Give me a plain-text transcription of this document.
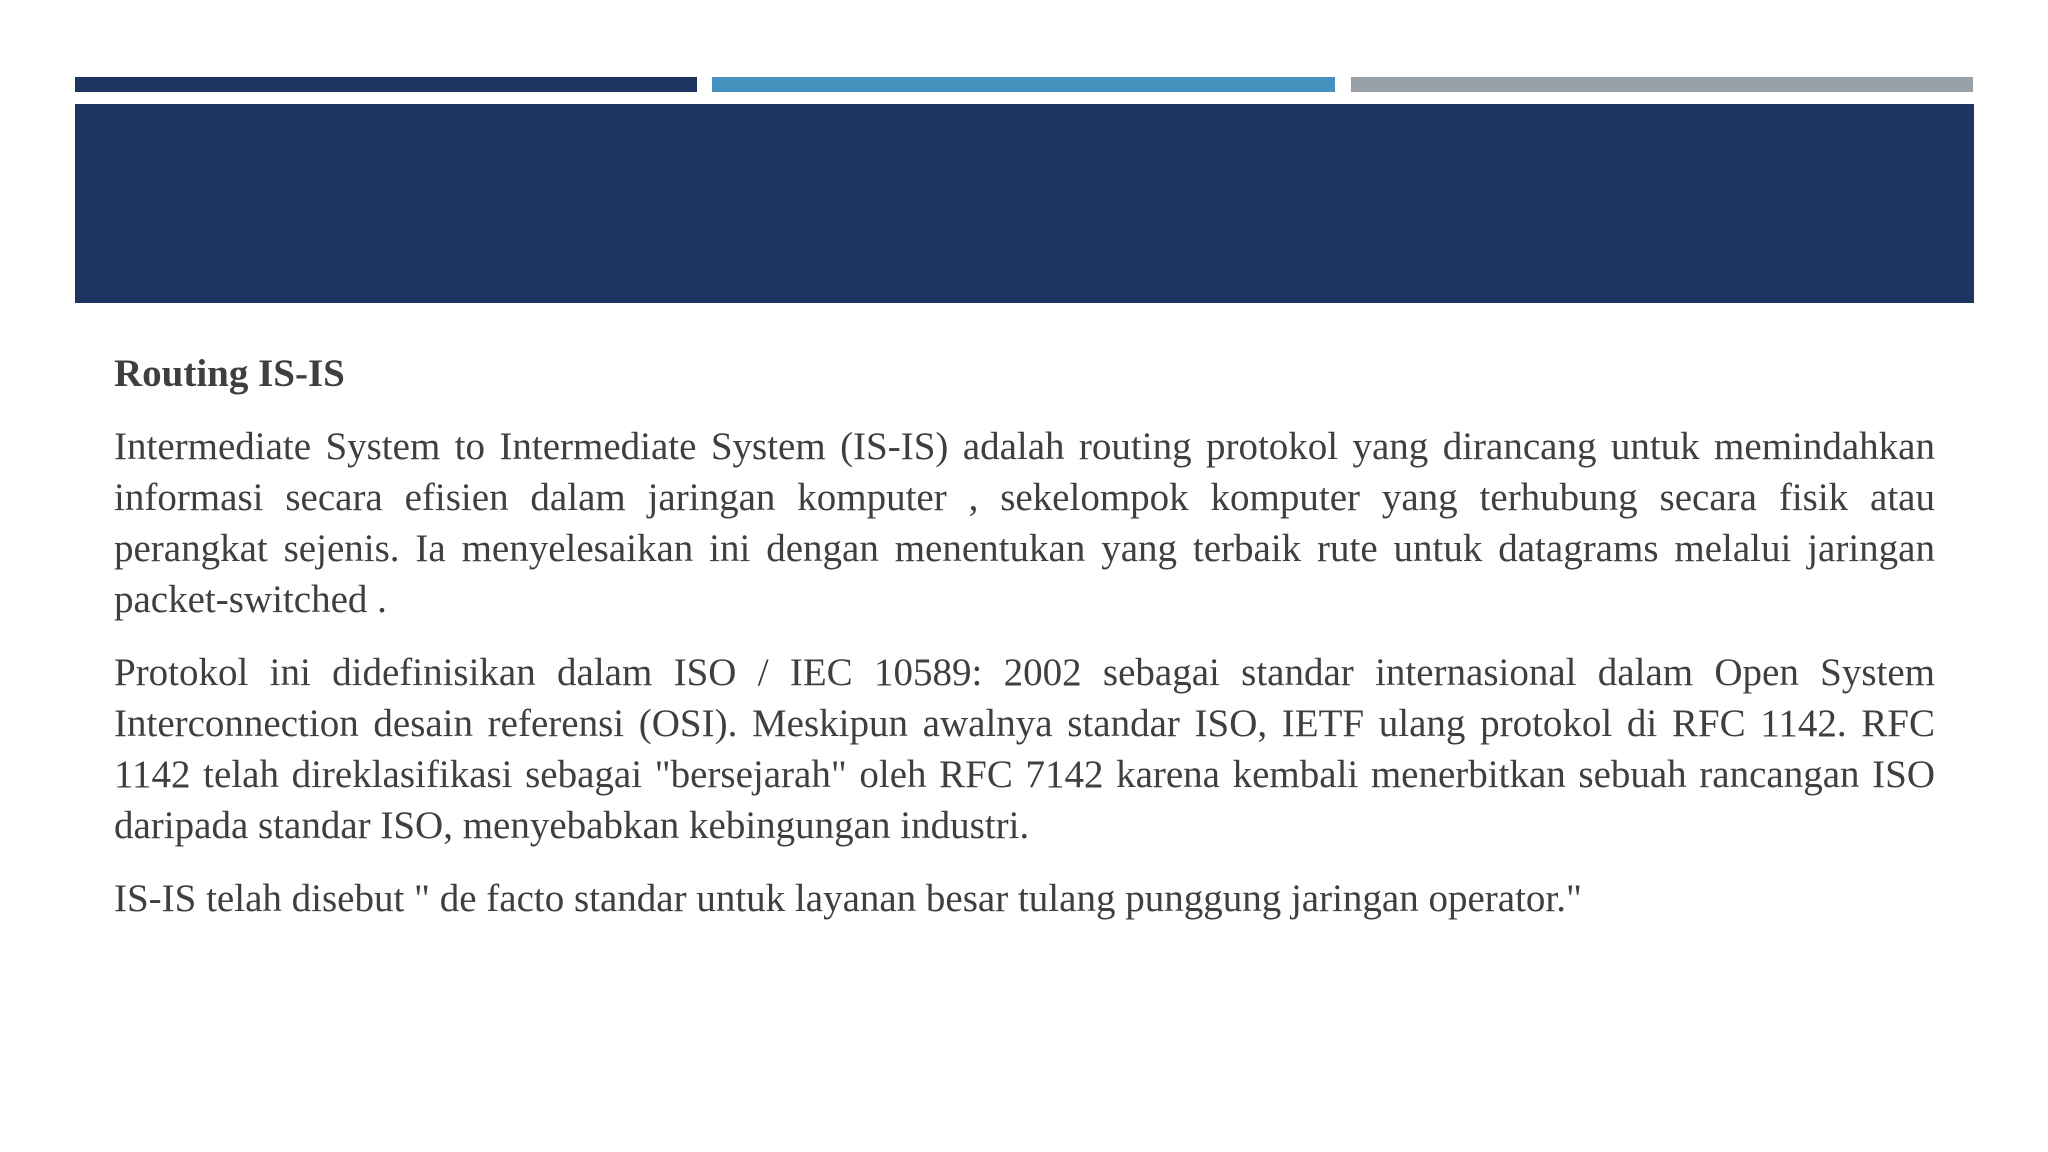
Routing IS-IS

Intermediate System to Intermediate System (IS-IS) adalah routing protokol yang dirancang untuk memindahkan informasi secara efisien dalam jaringan komputer , sekelompok komputer yang terhubung secara fisik atau perangkat sejenis. Ia menyelesaikan ini dengan menentukan yang terbaik rute untuk datagrams melalui jaringan packet-switched .

Protokol ini didefinisikan dalam ISO / IEC 10589: 2002 sebagai standar internasional dalam Open System Interconnection desain referensi (OSI). Meskipun awalnya standar ISO, IETF ulang protokol di RFC 1142. RFC 1142 telah direklasifikasi sebagai "bersejarah" oleh RFC 7142 karena kembali menerbitkan sebuah rancangan ISO daripada standar ISO, menyebabkan kebingungan industri.

IS-IS telah disebut " de facto standar untuk layanan besar tulang punggung jaringan operator."
